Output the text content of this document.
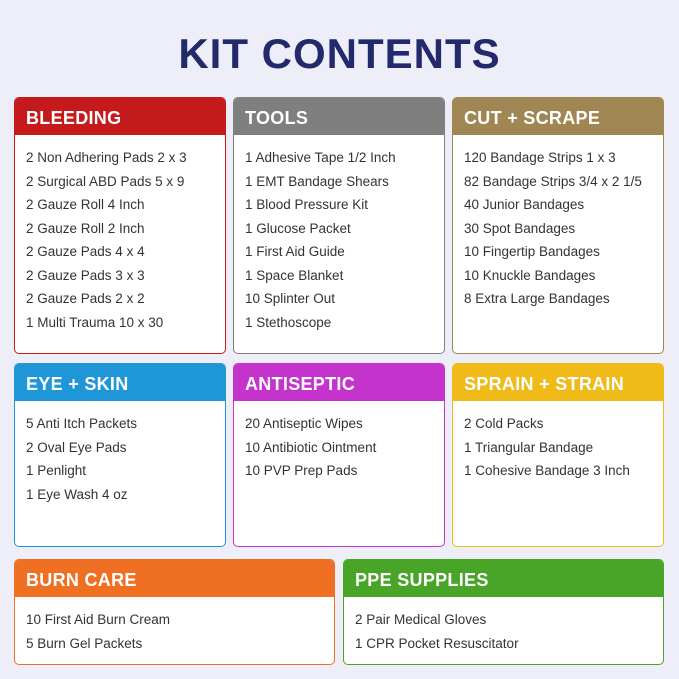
KIT CONTENTS
BLEEDING
2 Non Adhering Pads 2 x 3
2 Surgical ABD Pads 5 x 9
2 Gauze Roll 4 Inch
2 Gauze Roll 2 Inch
2 Gauze Pads 4 x 4
2 Gauze Pads 3 x 3
2 Gauze Pads 2 x 2
1 Multi Trauma 10 x 30
TOOLS
1 Adhesive Tape 1/2 Inch
1 EMT Bandage Shears
1 Blood Pressure Kit
1 Glucose Packet
1 First Aid Guide
1 Space Blanket
10 Splinter Out
1 Stethoscope
CUT + SCRAPE
120 Bandage Strips 1 x 3
82 Bandage Strips 3/4 x 2 1/5
40 Junior Bandages
30 Spot Bandages
10 Fingertip Bandages
10 Knuckle Bandages
8 Extra Large Bandages
EYE + SKIN
5 Anti Itch Packets
2 Oval Eye Pads
1 Penlight
1 Eye Wash 4 oz
ANTISEPTIC
20 Antiseptic Wipes
10 Antibiotic Ointment
10 PVP Prep Pads
SPRAIN + STRAIN
2 Cold Packs
1 Triangular Bandage
1 Cohesive Bandage 3 Inch
BURN CARE
10 First Aid Burn Cream
5 Burn Gel Packets
PPE SUPPLIES
2 Pair Medical Gloves
1 CPR Pocket Resuscitator
